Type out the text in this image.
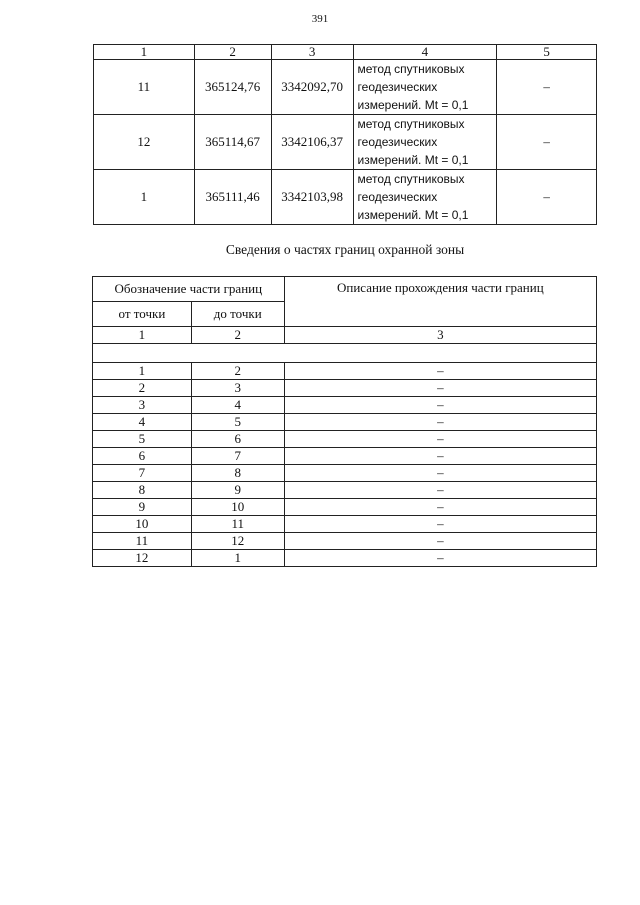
391
1	2	3	4	5
11	365124,76	3342092,70	метод спутниковых
геодезических
измерений. Mt = 0,1	–
12	365114,67	3342106,37	метод спутниковых
геодезических
измерений. Mt = 0,1	–
1	365111,46	3342103,98	метод спутниковых
геодезических
измерений. Mt = 0,1	–
Сведения о частях границ охранной зоны
Обозначение части границ		Описание прохождения части границ
от точки	до точки	
1	2	3

1	2	–
2	3	–
3	4	–
4	5	–
5	6	–
6	7	–
7	8	–
8	9	–
9	10	–
10	11	–
11	12	–
12	1	–
